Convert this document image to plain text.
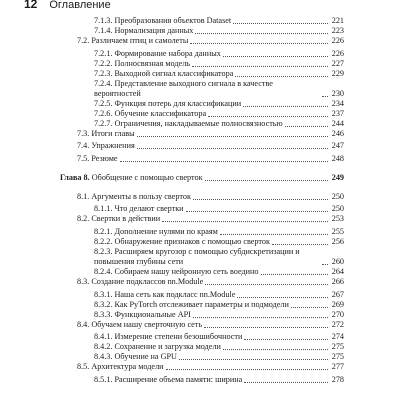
12 Оглавление
7.1.3. Преобразования объектов Dataset	221
7.1.4. Нормализация данных	223
7.2. Различаем птиц и самолеты	226
7.2.1. Формирование набора данных	226
7.2.2. Полносвязная модель	227
7.2.3. Выходной сигнал классификатора	229
7.2.4. Представление выходного сигнала в качестве вероятностей	230
7.2.5. Функция потерь для классификации	234
7.2.6. Обучение классификатора	237
7.2.7. Ограничения, накладываемые полносвязностью	244
7.3. Итоги главы	246
7.4. Упражнения	247
7.5. Резюме	248
Глава 8. Обобщение с помощью сверток	249
8.1. Аргументы в пользу сверток	250
8.1.1. Что делают свертки	250
8.2. Свертки в действии	253
8.2.1. Дополнение нулями по краям	255
8.2.2. Обнаружение признаков с помощью сверток	256
8.2.3. Расширяем кругозор с помощью субдискретизации и повышения глубины сети	260
8.2.4. Собираем нашу нейронную сеть воедино	264
8.3. Создание подклассов nn.Module	266
8.3.1. Наша сеть как подкласс nn.Module	267
8.3.2. Как PyTorch отслеживает параметры и подмодели	269
8.3.3. Функциональные API	270
8.4. Обучаем нашу сверточную сеть	272
8.4.1. Измерение степени безошибочности	274
8.4.2. Сохранение и загрузка модели	275
8.4.3. Обучение на GPU	275
8.5. Архитектура модели	277
8.5.1. Расширение объема памяти: ширина	278
